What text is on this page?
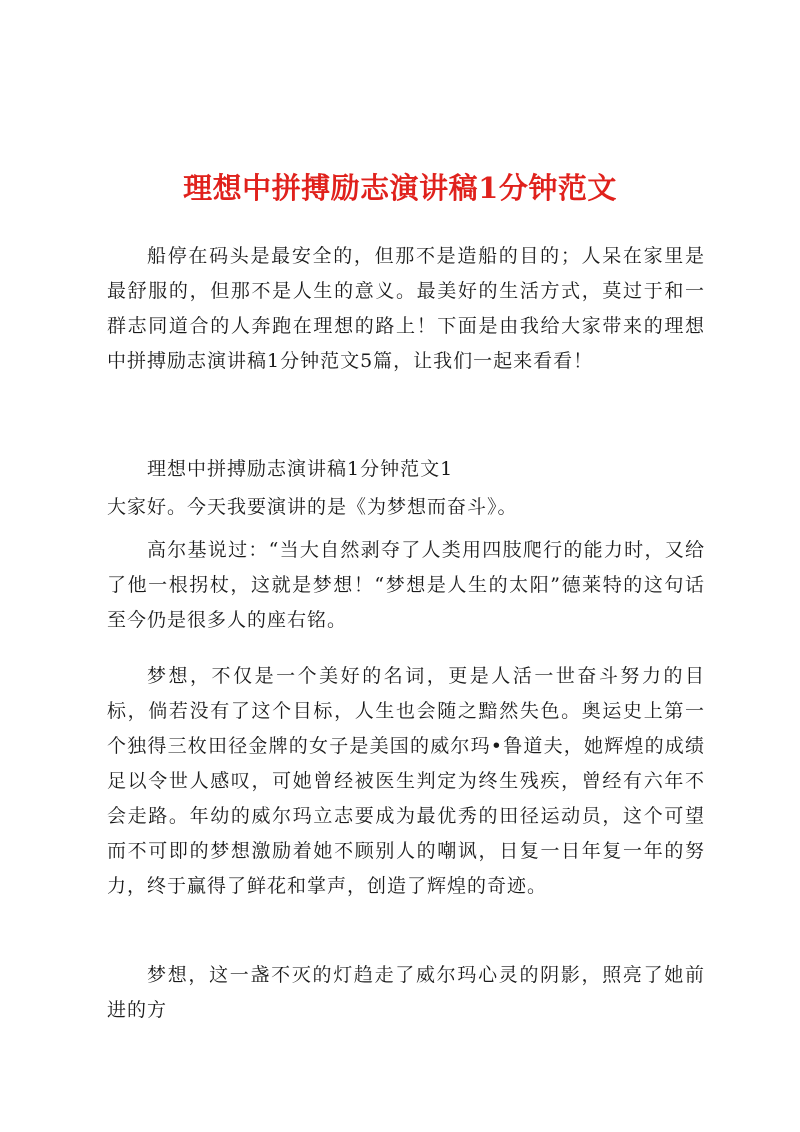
理想中拼搏励志演讲稿1分钟范文

船停在码头是最安全的，但那不是造船的目的；人呆在家里是最舒服的，但那不是人生的意义。最美好的生活方式，莫过于和一群志同道合的人奔跑在理想的路上！下面是由我给大家带来的理想中拼搏励志演讲稿1分钟范文5篇，让我们一起来看看！

理想中拼搏励志演讲稿1分钟范文1

大家好。今天我要演讲的是《为梦想而奋斗》。

高尔基说过：“当大自然剥夺了人类用四肢爬行的能力时，又给了他一根拐杖，这就是梦想！“梦想是人生的太阳”德莱特的这句话至今仍是很多人的座右铭。

梦想，不仅是一个美好的名词，更是人活一世奋斗努力的目标，倘若没有了这个目标，人生也会随之黯然失色。奥运史上第一个独得三枚田径金牌的女子是美国的威尔玛•鲁道夫，她辉煌的成绩足以令世人感叹，可她曾经被医生判定为终生残疾，曾经有六年不会走路。年幼的威尔玛立志要成为最优秀的田径运动员，这个可望而不可即的梦想激励着她不顾别人的嘲讽，日复一日年复一年的努力，终于赢得了鲜花和掌声，创造了辉煌的奇迹。

梦想，这一盏不灭的灯趋走了威尔玛心灵的阴影，照亮了她前进的方
